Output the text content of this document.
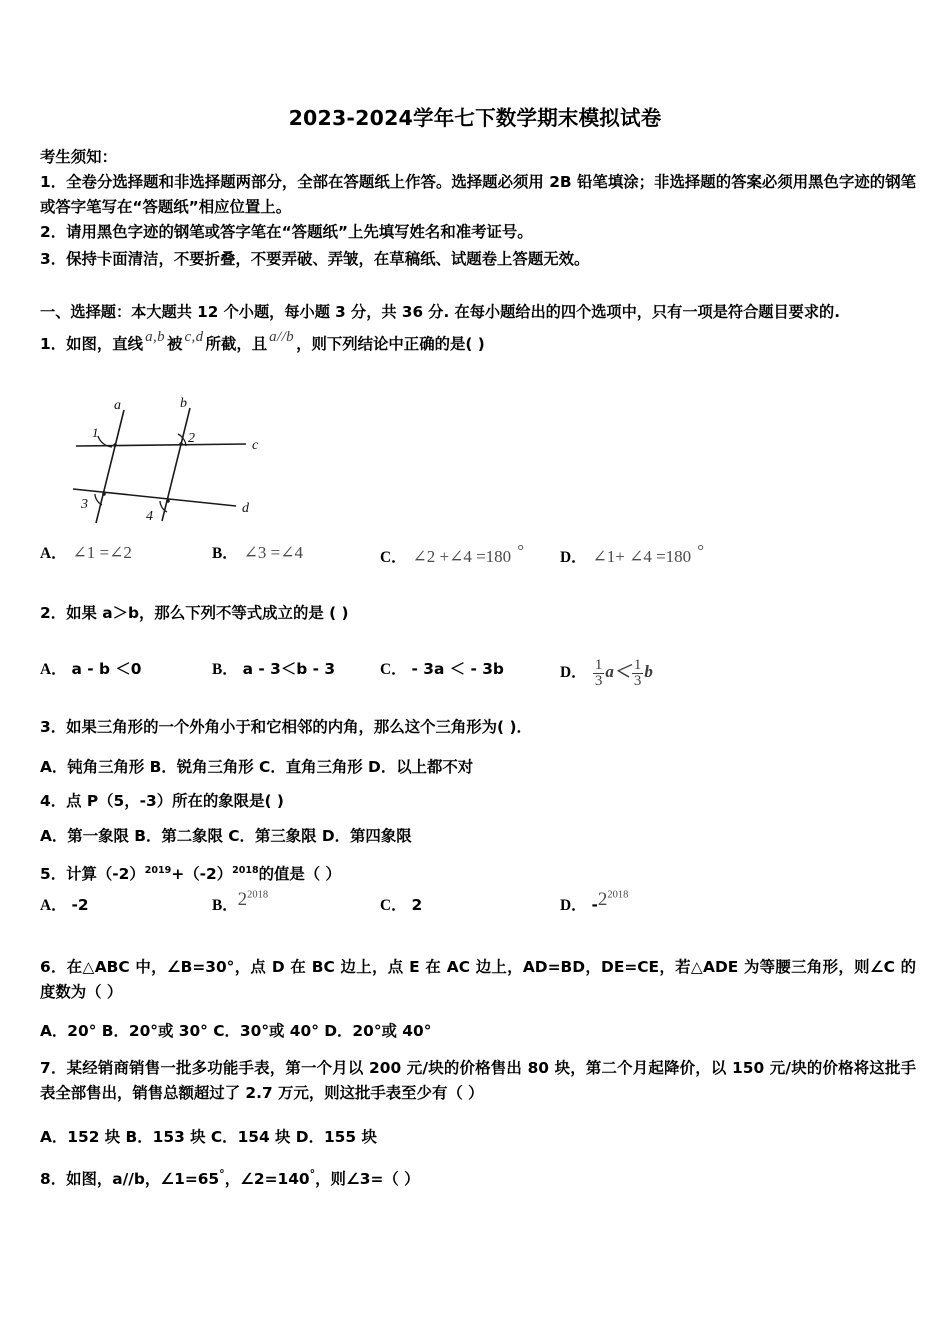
2023-2024学年七下数学期末模拟试卷
考生须知：
1．全卷分选择题和非选择题两部分，全部在答题纸上作答。选择题必须用 2B 铅笔填涂；非选择题的答案必须用黑色字迹的钢笔或答字笔写在“答题纸”相应位置上。
2．请用黑色字迹的钢笔或答字笔在“答题纸”上先填写姓名和准考证号。
3．保持卡面清洁，不要折叠，不要弄破、弄皱，在草稿纸、试题卷上答题无效。
一、选择题：本大题共 12 个小题，每小题 3 分，共 36 分. 在每小题给出的四个选项中，只有一项是符合题目要求的.
1．如图，直线 a,b 被 c,d 所截，且 a//b ，则下列结论中正确的是( )
a	b
c
d
1	2
3
4
A． ∠1 =∠2	B． ∠3 =∠4	C． ∠2 +∠4 =180 ° D． ∠1+ ∠4 =180 °
2．如果 a＞b，那么下列不等式成立的是 ( )
A． a - b ＜0	B． a - 3＜b - 3	C． - 3a ＜ - 3b	D． $\frac{1}{3} a< \frac{1}{3}$ b
3．如果三角形的一个外角小于和它相邻的内角，那么这个三角形为( )．
A．钝角三角形 B．锐角三角形 C．直角三角形 D．以上都不对
4．点 P（5，-3）所在的象限是( )
A．第一象限 B．第二象限 C．第三象限 D．第四象限
5．计算$(-2)^{2019}+(-2)^{2018}$的值是（ ）
A． -2	B．$2^{2018}$
C． 2	D． $-2^{2018}$
6．在△ABC 中，∠B=30°，点 D 在 BC 边上，点 E 在 AC 边上，AD=BD，DE=CE，若△ADE 为等腰三角形，则∠C 的度数为（ ）
A．20° B．20°或 30° C．30°或 40° D．20°或 40°
7．某经销商销售一批多功能手表，第一个月以 200 元/块的价格售出 80 块，第二个月起降价，以 150 元/块的价格将这批手表全部售出，销售总额超过了 2.7 万元，则这批手表至少有（ ）
A．152 块 B．153 块 C．154 块 D．155 块
8．如图，a//b，∠1=65°，∠2=140°，则∠3=（ ）
